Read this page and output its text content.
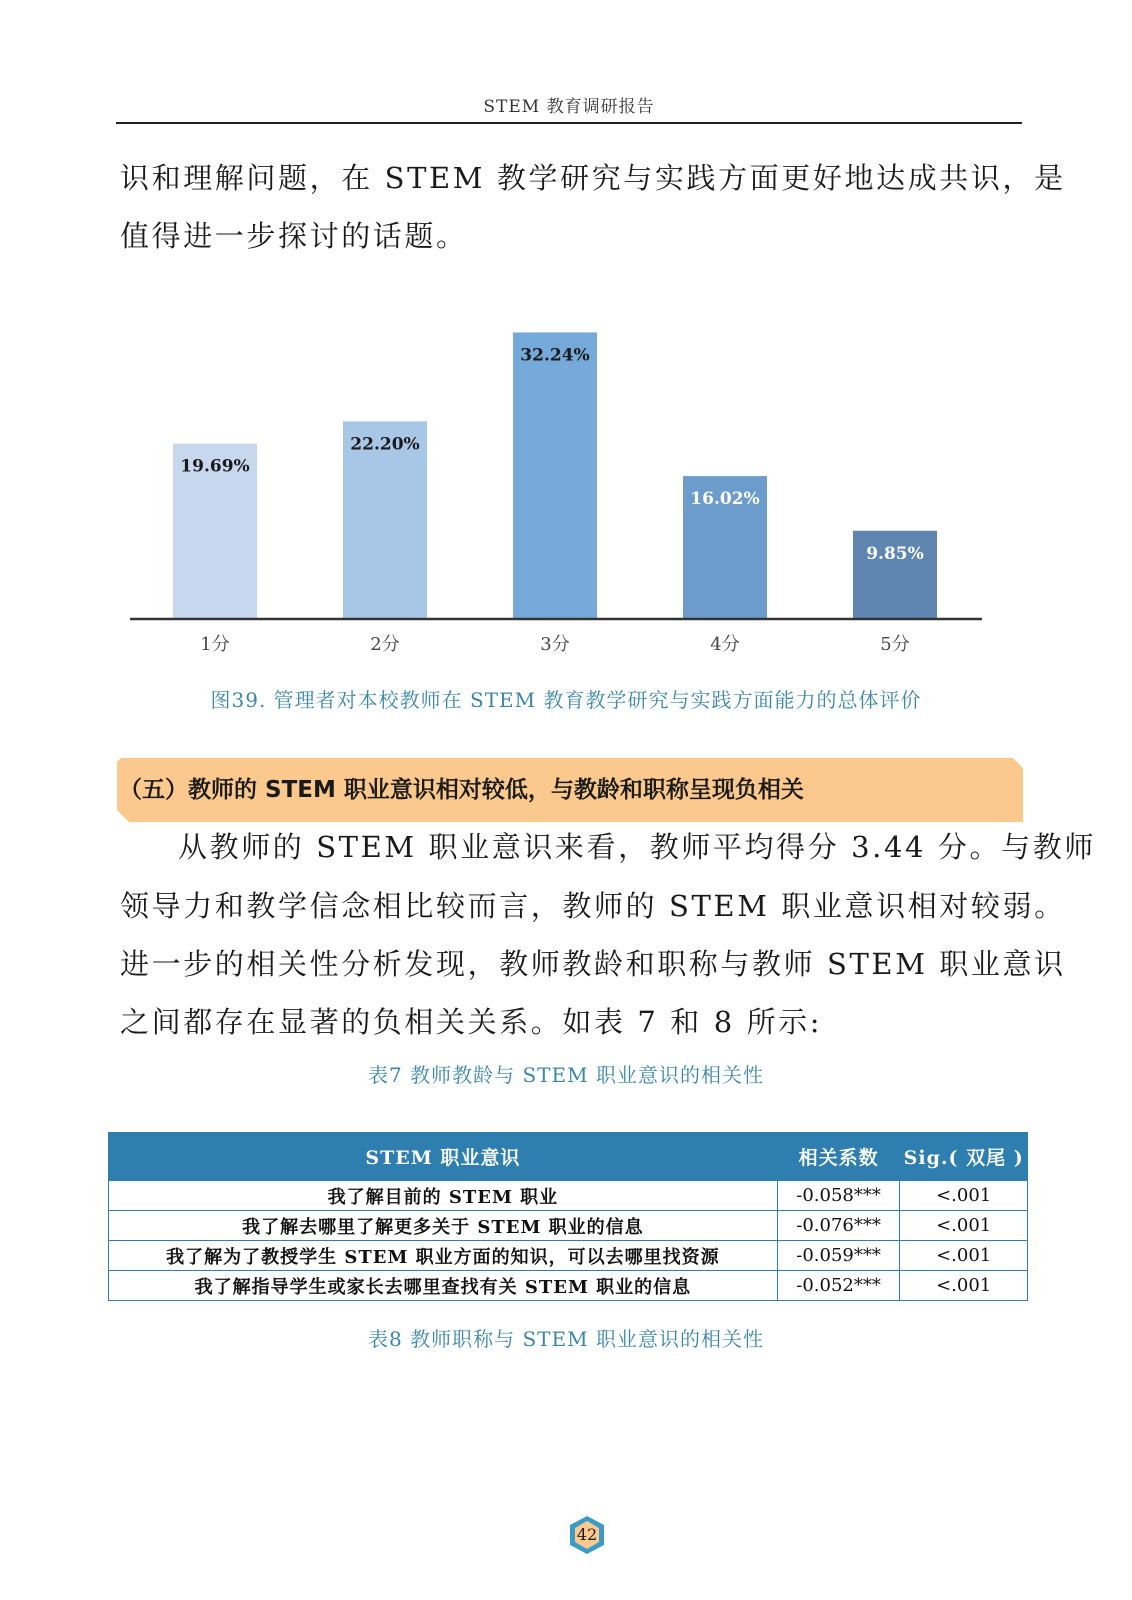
STEM 教育调研报告
识和理解问题，在 STEM 教学研究与实践方面更好地达成共识，是
值得进一步探讨的话题。
19.69%
1分
22.20%
2分
32.24%
3分
16.02%
4分
9.85%
5分
图39. 管理者对本校教师在 STEM 教育教学研究与实践方面能力的总体评价
（五）教师的 STEM 职业意识相对较低，与教龄和职称呈现负相关
从教师的 STEM 职业意识来看，教师平均得分 3.44 分。与教师
领导力和教学信念相比较而言，教师的 STEM 职业意识相对较弱。
进一步的相关性分析发现，教师教龄和职称与教师 STEM 职业意识
之间都存在显著的负相关关系。如表 7 和 8 所示:
表7 教师教龄与 STEM 职业意识的相关性
STEM 职业意识	相关系数	Sig.( 双尾 )
我了解目前的 STEM 职业	-0.058***	<.001
我了解去哪里了解更多关于 STEM 职业的信息	-0.076***	<.001
我了解为了教授学生 STEM 职业方面的知识，可以去哪里找资源	-0.059***	<.001
我了解指导学生或家长去哪里查找有关 STEM 职业的信息	-0.052***	<.001
表8 教师职称与 STEM 职业意识的相关性
42
